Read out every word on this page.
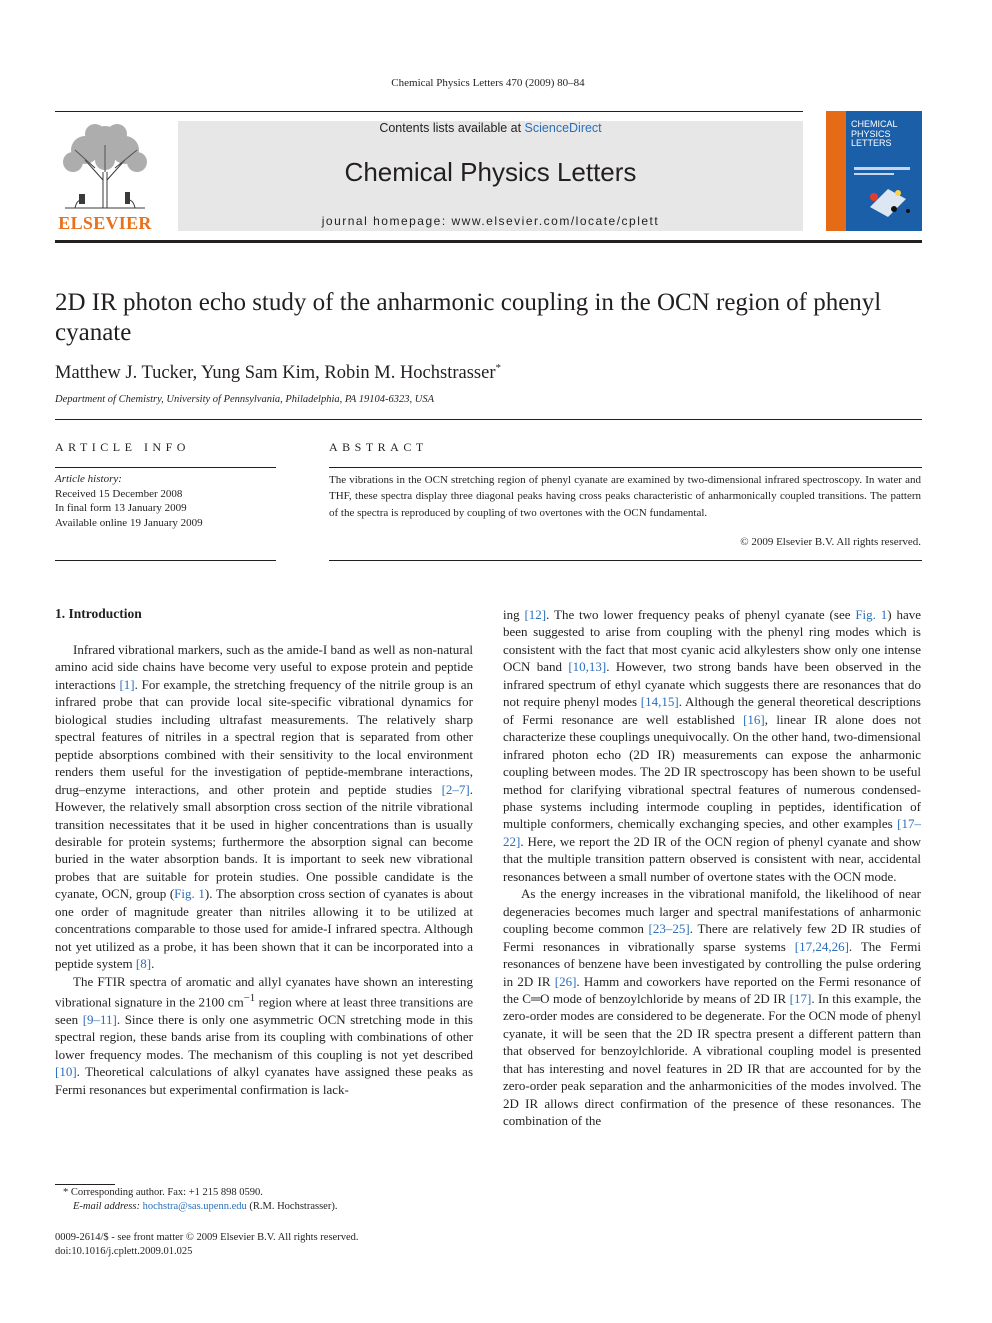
Chemical Physics Letters 470 (2009) 80–84
ELSEVIER
Contents lists available at ScienceDirect
Chemical Physics Letters
journal homepage: www.elsevier.com/locate/cplett
CHEMICAL
PHYSICS
LETTERS
2D IR photon echo study of the anharmonic coupling in the OCN region of phenyl cyanate
Matthew J. Tucker, Yung Sam Kim, Robin M. Hochstrasser*
Department of Chemistry, University of Pennsylvania, Philadelphia, PA 19104-6323, USA
ARTICLE INFO	ABSTRACT
Article history:
Received 15 December 2008
In final form 13 January 2009
Available online 19 January 2009
The vibrations in the OCN stretching region of phenyl cyanate are examined by two-dimensional infrared spectroscopy. In water and THF, these spectra display three diagonal peaks having cross peaks characteristic of anharmonically coupled transitions. The pattern of the spectra is reproduced by coupling of two overtones with the OCN fundamental.
© 2009 Elsevier B.V. All rights reserved.
1. Introduction

Infrared vibrational markers, such as the amide-I band as well as non-natural amino acid side chains have become very useful to expose protein and peptide interactions [1]. For example, the stretching frequency of the nitrile group is an infrared probe that can provide local site-specific vibrational dynamics for biological studies including ultrafast measurements. The relatively sharp spectral features of nitriles in a spectral region that is separated from other peptide absorptions combined with their sensitivity to the local environment renders them useful for the investigation of peptide-membrane interactions, drug–enzyme interactions, and other protein and peptide studies [2–7]. However, the relatively small absorption cross section of the nitrile vibrational transition necessitates that it be used in higher concentrations than is usually desirable for protein systems; furthermore the absorption signal can become buried in the water absorption bands. It is important to seek new vibrational probes that are suitable for protein studies. One possible candidate is the cyanate, OCN, group (Fig. 1). The absorption cross section of cyanates is about one order of magnitude greater than nitriles allowing it to be utilized at concentrations comparable to those used for amide-I infrared spectra. Although not yet utilized as a probe, it has been shown that it can be incorporated into a peptide system [8].

The FTIR spectra of aromatic and allyl cyanates have shown an interesting vibrational signature in the 2100 $cm^{-1}$ region where at least three transitions are seen [9–11]. Since there is only one asymmetric OCN stretching mode in this spectral region, these bands arise from its coupling with combinations of other lower frequency modes. The mechanism of this coupling is not yet described [10]. Theoretical calculations of alkyl cyanates have assigned these peaks as Fermi resonances but experimental confirmation is lack-

ing [12]. The two lower frequency peaks of phenyl cyanate (see Fig. 1) have been suggested to arise from coupling with the phenyl ring modes which is consistent with the fact that most cyanic acid alkylesters show only one intense OCN band [10,13]. However, two strong bands have been observed in the infrared spectrum of ethyl cyanate which suggests there are resonances that do not require phenyl modes [14,15]. Although the general theoretical descriptions of Fermi resonance are well established [16], linear IR alone does not characterize these couplings unequivocally. On the other hand, two-dimensional infrared photon echo (2D IR) measurements can expose the anharmonic coupling between modes. The 2D IR spectroscopy has been shown to be useful method for clarifying vibrational spectral features of numerous condensed-phase systems including intermode coupling in peptides, identification of multiple conformers, chemically exchanging species, and other examples [17–22]. Here, we report the 2D IR of the OCN region of phenyl cyanate and show that the multiple transition pattern observed is consistent with near, accidental resonances between a small number of overtone states with the OCN mode.

As the energy increases in the vibrational manifold, the likelihood of near degeneracies becomes much larger and spectral manifestations of anharmonic coupling become common [23–25]. There are relatively few 2D IR studies of Fermi resonances in vibrationally sparse systems [17,24,26]. The Fermi resonances of benzene have been investigated by controlling the pulse ordering in 2D IR [26]. Hamm and coworkers have reported on the Fermi resonance of the C═O mode of benzoylchloride by means of 2D IR [17]. In this example, the zero-order modes are considered to be degenerate. For the OCN mode of phenyl cyanate, it will be seen that the 2D IR spectra present a different pattern than that observed for benzoylchloride. A vibrational coupling model is presented that has interesting and novel features in 2D IR that are accounted for by the zero-order peak separation and the anharmonicities of the modes involved. The 2D IR allows direct confirmation of the presence of these resonances. The combination of the

* Corresponding author. Fax: +1 215 898 0590.
E-mail address: hochstra@sas.upenn.edu (R.M. Hochstrasser).
0009-2614/$ - see front matter © 2009 Elsevier B.V. All rights reserved.
doi:10.1016/j.cplett.2009.01.025
